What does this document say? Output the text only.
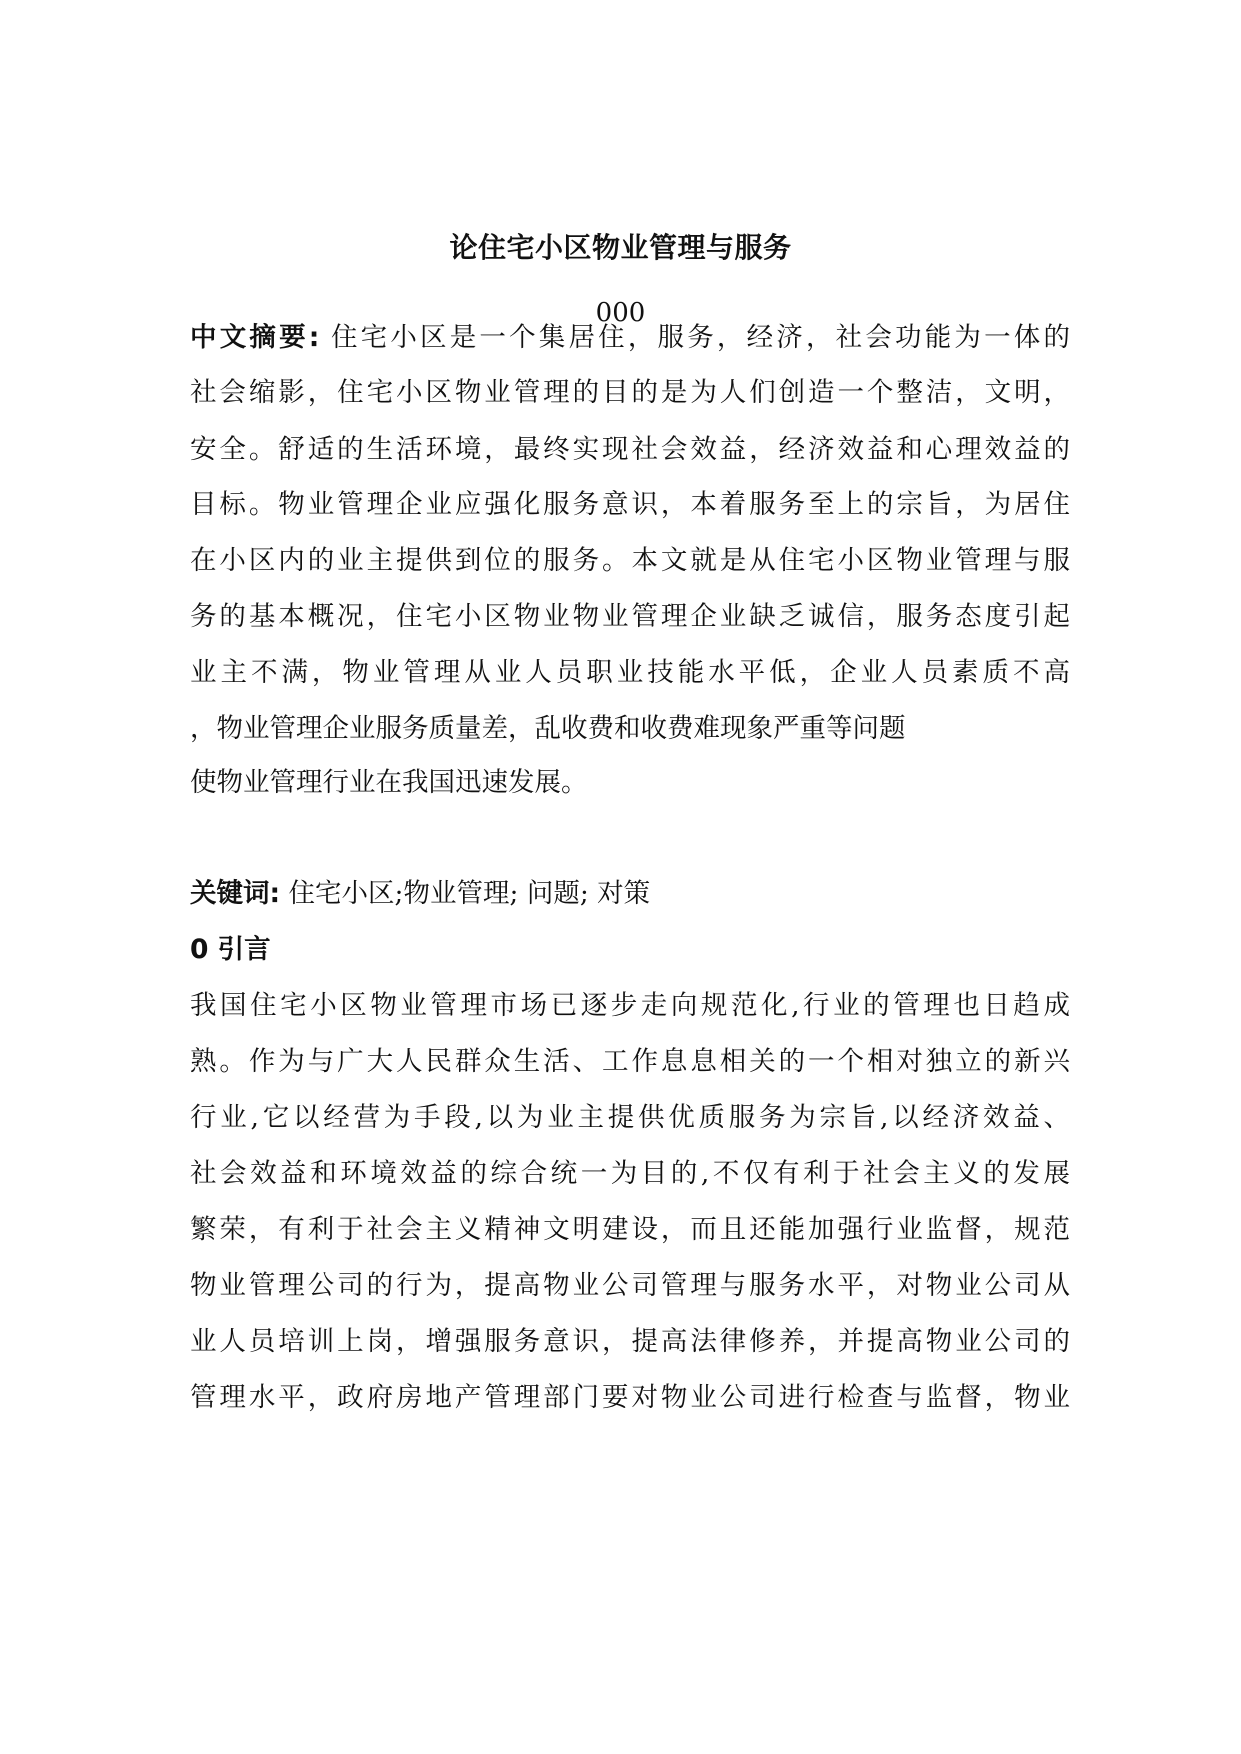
论住宅小区物业管理与服务
000
中文摘要: 住宅小区是一个集居住，服务，经济，社会功能为一体的
社会缩影，住宅小区物业管理的目的是为人们创造一个整洁，文明，
安全。舒适的生活环境，最终实现社会效益，经济效益和心理效益的
目标。物业管理企业应强化服务意识，本着服务至上的宗旨，为居住
在小区内的业主提供到位的服务。本文就是从住宅小区物业管理与服
务的基本概况，住宅小区物业物业管理企业缺乏诚信，服务态度引起
业主不满，物业管理从业人员职业技能水平低，企业人员素质不高
，物业管理企业服务质量差，乱收费和收费难现象严重等问题
使物业管理行业在我国迅速发展。
关键词: 住宅小区;物业管理; 问题; 对策
0 引言
我国住宅小区物业管理市场已逐步走向规范化,行业的管理也日趋成
熟。作为与广大人民群众生活、工作息息相关的一个相对独立的新兴
行业,它以经营为手段,以为业主提供优质服务为宗旨,以经济效益、
社会效益和环境效益的综合统一为目的,不仅有利于社会主义的发展
繁荣，有利于社会主义精神文明建设，而且还能加强行业监督，规范
物业管理公司的行为，提高物业公司管理与服务水平，对物业公司从
业人员培训上岗，增强服务意识，提高法律修养，并提高物业公司的
管理水平，政府房地产管理部门要对物业公司进行检查与监督，物业
